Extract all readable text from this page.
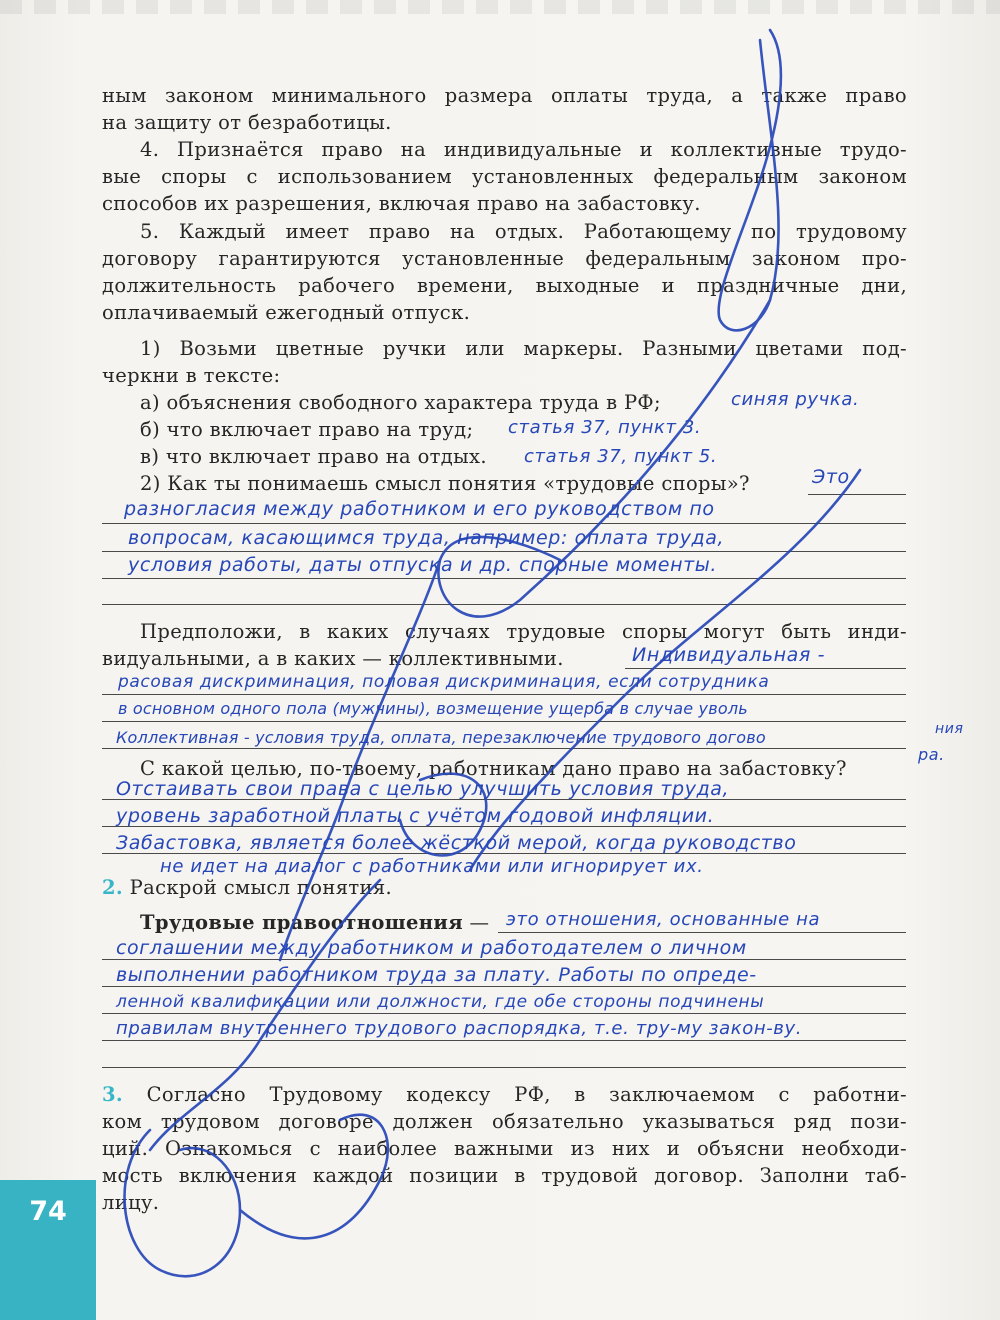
ным законом минимального размера оплаты труда, а также право
на защиту от безработицы.
4. Признаётся право на индивидуальные и коллективные трудо-
вые споры с использованием установленных федеральным законом
способов их разрешения, включая право на забастовку.
5. Каждый имеет право на отдых. Работающему по трудовому
договору гарантируются установленные федеральным законом про-
должительность рабочего времени, выходные и праздничные дни,
оплачиваемый ежегодный отпуск.
1) Возьми цветные ручки или маркеры. Разными цветами под-
черкни в тексте:
а) объяснения свободного характера труда в РФ;
б) что включает право на труд;
в) что включает право на отдых.
2) Как ты понимаешь смысл понятия «трудовые споры»?
Предположи, в каких случаях трудовые споры могут быть инди-
видуальными, а в каких — коллективными.
С какой целью, по-твоему, работникам дано право на забастовку?
2. Раскрой смысл понятия.
Трудовые правоотношения —
3. Согласно Трудовому кодексу РФ, в заключаемом с работни-
ком трудовом договоре должен обязательно указываться ряд пози-
ций. Ознакомься с наиболее важными из них и объясни необходи-
мость включения каждой позиции в трудовой договор. Заполни таб-
лицу.
синяя ручка.
статья 37, пункт 3.
статья 37, пункт 5.
Это
разногласия между работником и его руководством по
вопросам, касающимся труда, например: оплата труда,
условия работы, даты отпуска и др. спорные моменты.
Индивидуальная -
расовая дискриминация, половая дискриминация, если сотрудника
в основном одного пола (мужчины), возмещение ущерба в случае уволь
ния
Коллективная - условия труда, оплата, перезаключение трудового догово
ра.
Отстаивать свои права с целью улучшить условия труда,
уровень заработной платы с учётом годовой инфляции.
Забастовка, является более жёсткой мерой, когда руководство
не идет на диалог с работниками или игнорирует их.
это отношения, основанные на
соглашении между работником и работодателем о личном
выполнении работником труда за плату. Работы по опреде-
ленной квалификации или должности, где обе стороны подчинены
правилам внутреннего трудового распорядка, т.е. тру-му закон-ву.
74
